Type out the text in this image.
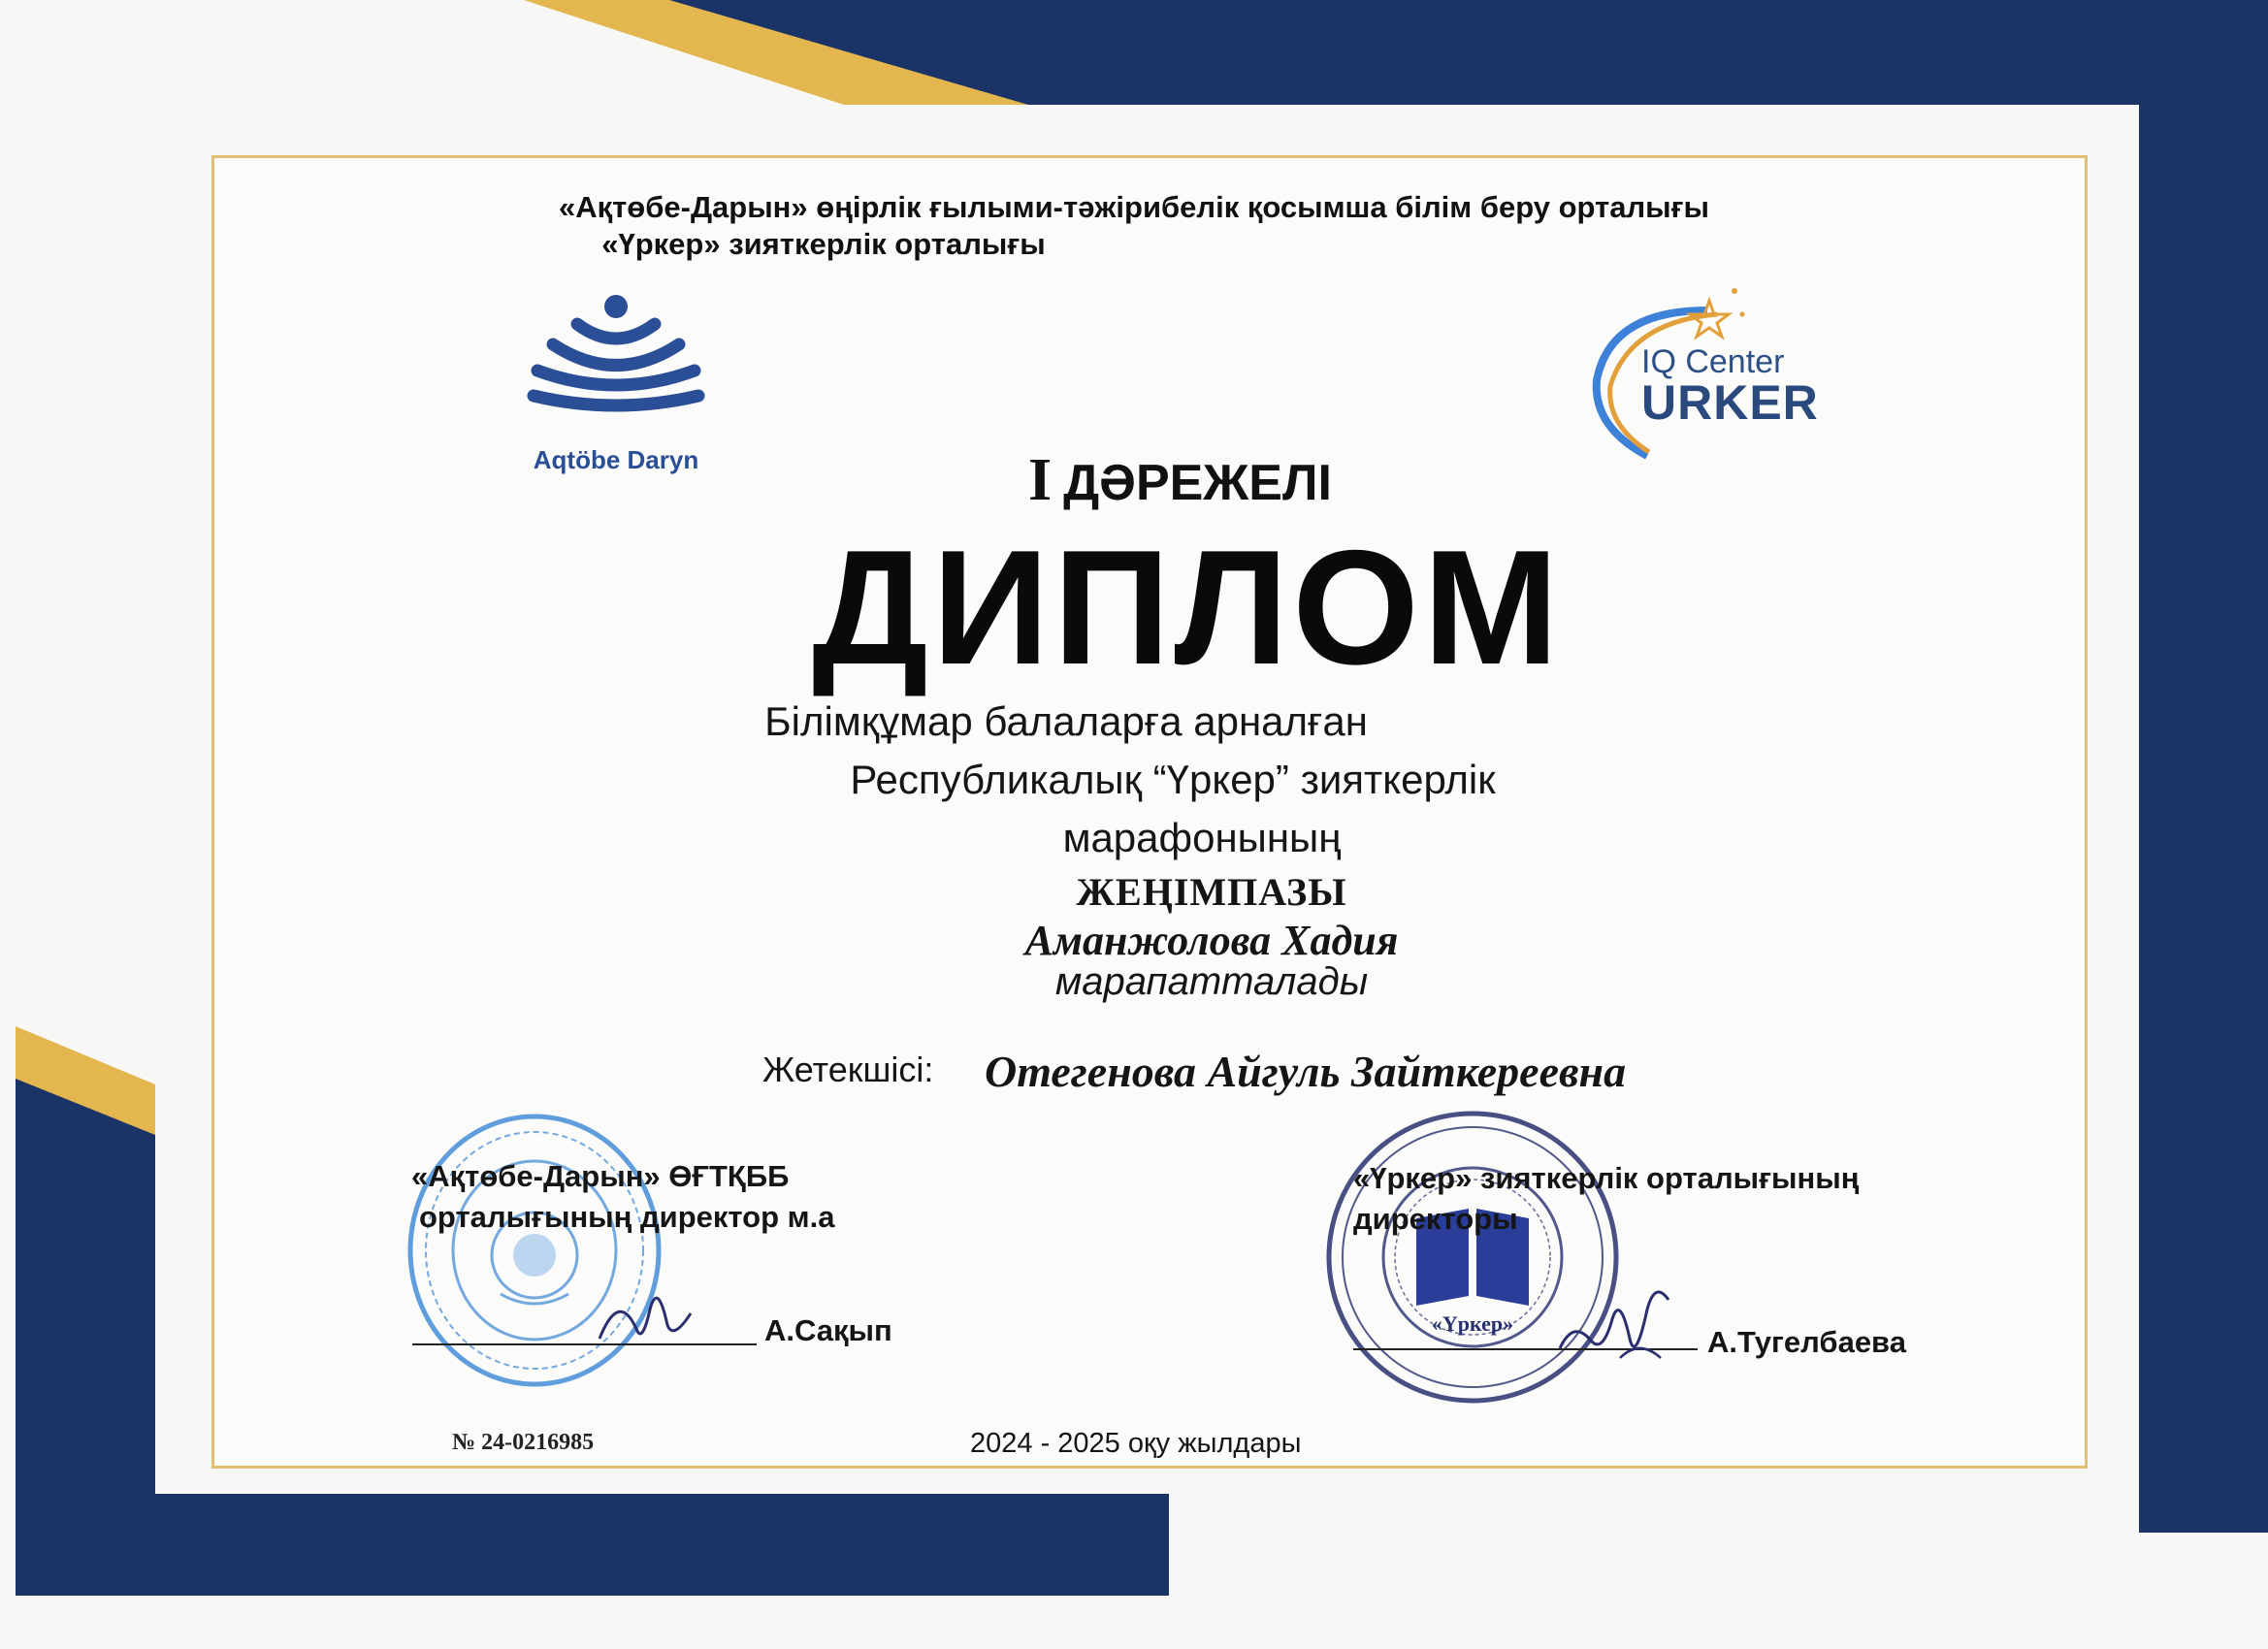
«Ақтөбе-Дарын» өңірлік ғылыми-тәжірибелік қосымша білім беру орталығы
«Үркер» зияткерлік орталығы
Aqtöbe Daryn
IQ Center
URKER
I ДӘРЕЖЕЛІ
ДИПЛОМ
Білімқұмар балаларға арналған
Республикалық “Үркер” зияткерлік
марафонының
ЖЕҢІМПАЗЫ
Аманжолова Хадия
марапатталады
Жетекшісі: Отегенова Айгуль Зайткереевна
«Үркер»
«Ақтөбе-Дарын» ӨҒТҚББ
орталығының директор м.а
А.Сақып
«Үркер» зияткерлік орталығының
директоры
А.Тугелбаева
№ 24-0216985	2024 - 2025 оқу жылдары
